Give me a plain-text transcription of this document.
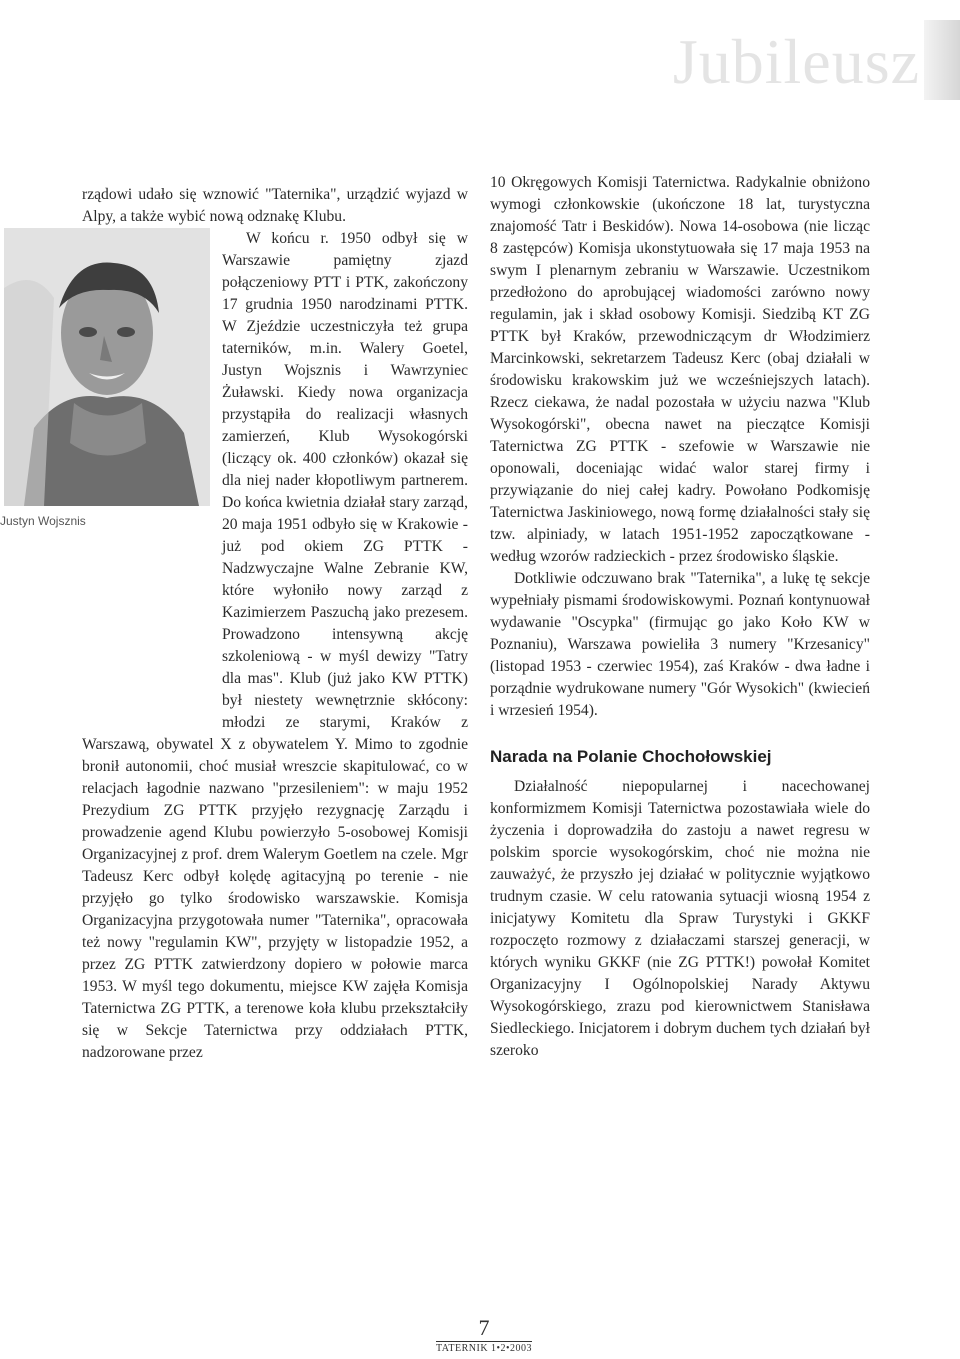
Jubileusz

rządowi udało się wznowić "Taternika", urządzić wyjazd w Alpy, a także wybić nową odznakę Klubu.

Justyn Wojsznis

W końcu r. 1950 odbył się w Warszawie pamiętny zjazd połączeniowy PTT i PTK, zakończony 17 grudnia 1950 narodzinami PTTK. W Zjeździe uczestniczyła też grupa taterników, m.in. Walery Goetel, Justyn Wojsznis i Wawrzyniec Żuławski. Kiedy nowa organizacja przystąpiła do realizacji własnych zamierzeń, Klub Wysokogórski (liczący ok. 400 członków) okazał się dla niej nader kłopotliwym partnerem. Do końca kwietnia działał stary zarząd, 20 maja 1951 odbyło się w Krakowie - już pod okiem ZG PTTK - Nadzwyczajne Walne Zebranie KW, które wyłoniło nowy zarząd z Kazimierzem Paszuchą jako prezesem. Prowadzono intensywną akcję szkoleniową - w myśl dewizy "Tatry dla mas". Klub (już jako KW PTTK) był niestety wewnętrznie skłócony: młodzi ze starymi, Kraków z Warszawą, obywatel X z obywatelem Y. Mimo to zgodnie bronił autonomii, choć musiał wreszcie skapitulować, co w relacjach łagodnie nazwano "przesileniem": w maju 1952 Prezydium ZG PTTK przyjęło rezygnację Zarządu i prowadzenie agend Klubu powierzyło 5-osobowej Komisji Organizacyjnej z prof. drem Walerym Goetlem na czele. Mgr Tadeusz Kerc odbył kolędę agitacyjną po terenie - nie przyjęło go tylko środowisko warszawskie. Komisja Organizacyjna przygotowała numer "Taternika", opracowała też nowy "regulamin KW", przyjęty w listopadzie 1952, a przez ZG PTTK zatwierdzony dopiero w połowie marca 1953. W myśl tego dokumentu, miejsce KW zajęła Komisja Taternictwa ZG PTTK, a terenowe koła klubu przekształciły się w Sekcje Taternictwa przy oddziałach PTTK, nadzorowane przez

10 Okręgowych Komisji Taternictwa. Radykalnie obniżono wymogi członkowskie (ukończone 18 lat, turystyczna znajomość Tatr i Beskidów). Nowa 14-osobowa (nie licząc 8 zastępców) Komisja ukonstytuowała się 17 maja 1953 na swym I plenarnym zebraniu w Warszawie. Uczestnikom przedłożono do aprobującej wiadomości zarówno nowy regulamin, jak i skład osobowy Komisji. Siedzibą KT ZG PTTK był Kraków, przewodniczącym dr Włodzimierz Marcinkowski, sekretarzem Tadeusz Kerc (obaj działali w środowisku krakowskim już we wcześniejszych latach). Rzecz ciekawa, że nadal pozostała w użyciu nazwa "Klub Wysokogórski", obecna nawet na pieczątce Komisji Taternictwa ZG PTTK - szefowie w Warszawie nie oponowali, doceniając widać walor starej firmy i przywiązanie do niej całej kadry. Powołano Podkomisję Taternictwa Jaskiniowego, nową formę działalności stały się tzw. alpiniady, w latach 1951-1952 zapoczątkowane - według wzorów radzieckich - przez środowisko śląskie.

Dotkliwie odczuwano brak "Taternika", a lukę tę sekcje wypełniały pismami środowiskowymi. Poznań kontynuował wydawanie "Oscypka" (firmując go jako Koło KW w Poznaniu), Warszawa powieliła 3 numery "Krzesanicy" (listopad 1953 - czerwiec 1954), zaś Kraków - dwa ładne i porządnie wydrukowane numery "Gór Wysokich" (kwiecień i wrzesień 1954).

Narada na Polanie Chochołowskiej

Działalność niepopularnej i nacechowanej konformizmem Komisji Taternictwa pozostawiała wiele do życzenia i doprowadziła do zastoju a nawet regresu w polskim sporcie wysokogórskim, choć nie można nie zauważyć, że przyszło jej działać w politycznie wyjątkowo trudnym czasie. W celu ratowania sytuacji wiosną 1954 z inicjatywy Komitetu dla Spraw Turystyki i GKKF rozpoczęto rozmowy z działaczami starszej generacji, w których wyniku GKKF (nie ZG PTTK!) powołał Komitet Organizacyjny I Ogólnopolskiej Narady Aktywu Wysokogórskiego, zrazu pod kierownictwem Stanisława Siedleckiego. Inicjatorem i dobrym duchem tych działań był szeroko

7
TATERNIK 1•2•2003
